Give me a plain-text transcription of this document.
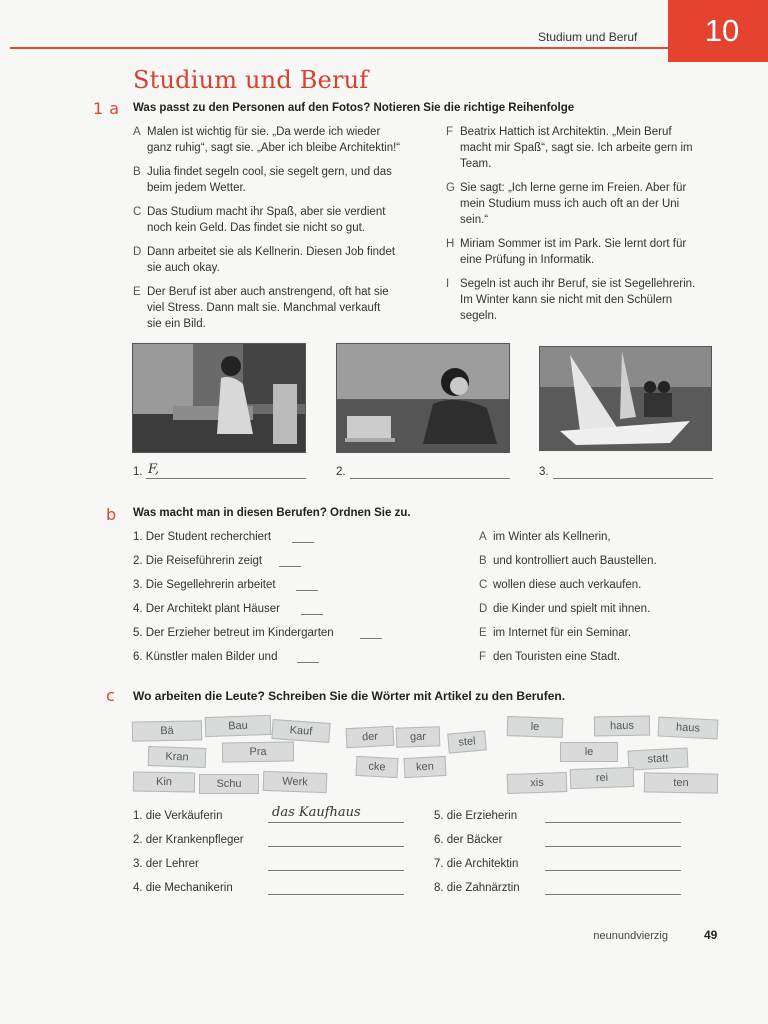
Studium und Beruf	10
Studium und Beruf
1 a Was passt zu den Personen auf den Fotos? Notieren Sie die richtige Reihenfolge
A Malen ist wichtig für sie. „Da werde ich wieder
ganz ruhig“, sagt sie. „Aber ich bleibe Architektin!“
B Julia findet segeln cool, sie segelt gern, und das
beim jedem Wetter.
C Das Studium macht ihr Spaß, aber sie verdient
noch kein Geld. Das findet sie nicht so gut.
D Dann arbeitet sie als Kellnerin. Diesen Job findet
sie auch okay.
E Der Beruf ist aber auch anstrengend, oft hat sie
viel Stress. Dann malt sie. Manchmal verkauft
sie ein Bild.
F Beatrix Hattich ist Architektin. „Mein Beruf
macht mir Spaß“, sagt sie. Ich arbeite gern im
Team.
G Sie sagt: „Ich lerne gerne im Freien. Aber für
mein Studium muss ich auch oft an der Uni
sein.“
H Miriam Sommer ist im Park. Sie lernt dort für
eine Prüfung in Informatik.
I Segeln ist auch ihr Beruf, sie ist Segellehrerin.
Im Winter kann sie nicht mit den Schülern
segeln.
1. F,	2.	3.
b Was macht man in diesen Berufen? Ordnen Sie zu.
1. Der Student recherchiert
2. Die Reiseführerin zeigt
3. Die Segellehrerin arbeitet
4. Der Architekt plant Häuser
5. Der Erzieher betreut im Kindergarten
6. Künstler malen Bilder und
A im Winter als Kellnerin,
B und kontrolliert auch Baustellen.
C wollen diese auch verkaufen.
D die Kinder und spielt mit ihnen.
E im Internet für ein Seminar.
F den Touristen eine Stadt.
c Wo arbeiten die Leute? Schreiben Sie die Wörter mit Artikel zu den Berufen.
Bä	Bau	Kauf
Kran	Pra
Kin	Schu	Werk
der	gar	stel
cke	ken
le	haus	haus
le
statt
xis	rei	ten
1. die Verkäuferin	das Kaufhaus
2. der Krankenpfleger
3. der Lehrer
4. die Mechanikerin
5. die Erzieherin
6. der Bäcker
7. die Architektin
8. die Zahnärztin
neunundvierzig	49
